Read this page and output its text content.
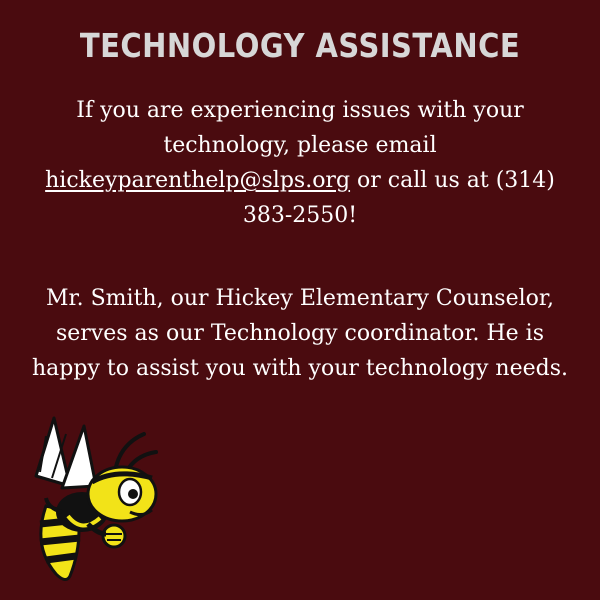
TECHNOLOGY ASSISTANCE
If you are experiencing issues with your technology, please email hickeyparenthelp@slps.org or call us at (314) 383-2550!
Mr. Smith, our Hickey Elementary Counselor, serves as our Technology coordinator. He is happy to assist you with your technology needs.
